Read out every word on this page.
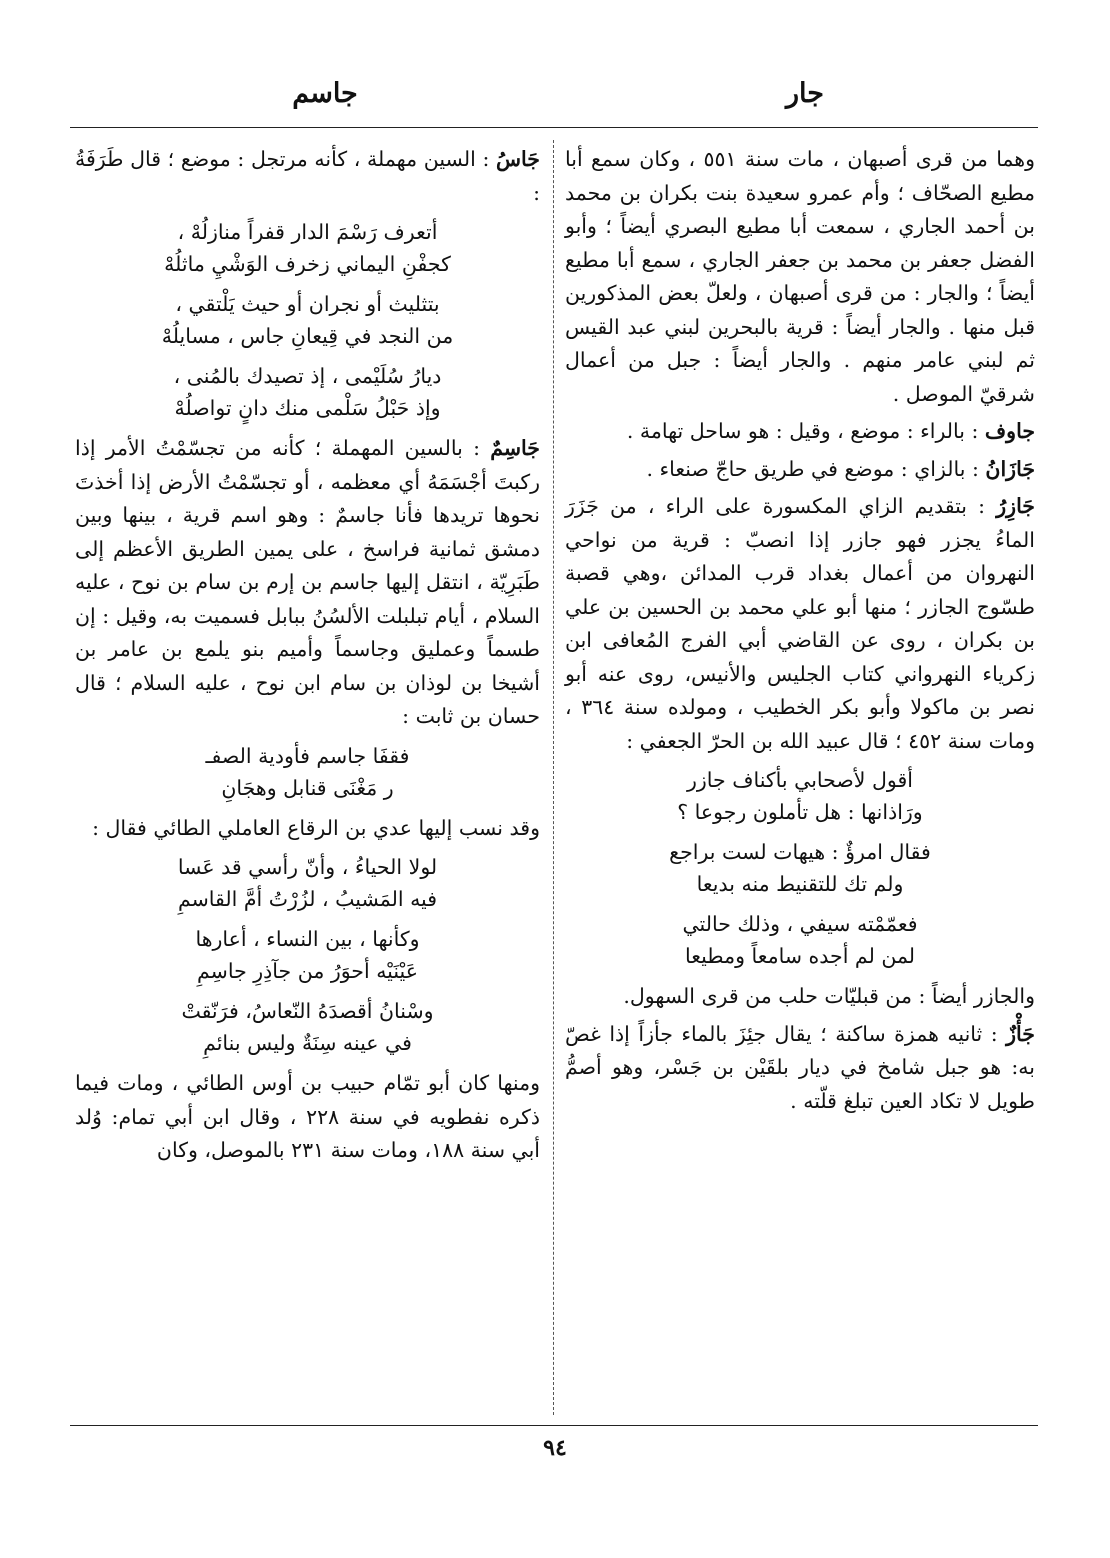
جار
جاسم

وهما من قرى أصبهان ، مات سنة ٥٥١ ، وكان سمع أبا مطيع الصحّاف ؛ وأم عمرو سعيدة بنت بكران بن محمد بن أحمد الجاري ، سمعت أبا مطيع البصري أيضاً ؛ وأبو الفضل جعفر بن محمد بن جعفر الجاري ، سمع أبا مطيع أيضاً ؛ والجار : من قرى أصبهان ، ولعلّ بعض المذكورين قبل منها . والجار أيضاً : قرية بالبحرين لبني عبد القيس ثم لبني عامر منهم . والجار أيضاً : جبل من أعمال شرقيّ الموصل .

جاوف : بالراء : موضع ، وقيل : هو ساحل تهامة .

جَازَانُ : بالزاي : موضع في طريق حاجّ صنعاء .

جَازِرُ : بتقديم الزاي المكسورة على الراء ، من جَزَرَ الماءُ يجزر فهو جازر إذا انصبّ : قرية من نواحي النهروان من أعمال بغداد قرب المدائن ،وهي قصبة طسّوج الجازر ؛ منها أبو علي محمد بن الحسين بن علي بن بكران ، روى عن القاضي أبي الفرج المُعافى ابن زكرياء النهرواني كتاب الجليس والأنيس، روى عنه أبو نصر بن ماكولا وأبو بكر الخطيب ، ومولده سنة ٣٦٤ ، ومات سنة ٤٥٢ ؛ قال عبيد الله بن الحرّ الجعفي :

أقول لأصحابي بأكناف جازر
ورَاذانها : هل تأملون رجوعا ؟
فقال امرؤٌ : هيهات لست براجع
ولم تك للتقنيط منه بديعا
فعمّمْته سيفي ، وذلك حالتي
لمن لم أجده سامعاً ومطيعا

والجازر أيضاً : من قبليّات حلب من قرى السهول.

جَأْزٌ : ثانيه همزة ساكنة ؛ يقال جئِزَ بالماء جأزاً إذا غصّ به: هو جبل شامخ في ديار بلقَيْن بن جَسْر، وهو أصمُّ طويل لا تكاد العين تبلغ قلّته .

جَاسُ : السين مهملة ، كأنه مرتجل : موضع ؛ قال طَرَفَةُ :

أتعرف رَسْمَ الدار قفراً منازلُهْ ،
كجفْنِ اليماني زخرف الوَشْيِ ماثلُهْ
بتثليث أو نجران أو حيث يَلْتقي ،
من النجد في قِيعانِ جاس ، مسايلُهْ
ديارُ سُلَيْمى ، إذ تصيدك بالمُنى ،
وإذ حَبْلُ سَلْمى منك دانٍ تواصلُهْ

جَاسِمٌ : بالسين المهملة ؛ كأنه من تجسّمْتُ الأمر إذا ركبتَ أجْسَمَهُ أي معظمه ، أو تجسّمْتُ الأرض إذا أخذتَ نحوها تريدها فأنا جاسمٌ : وهو اسم قرية ، بينها وبين دمشق ثمانية فراسخ ، على يمين الطريق الأعظم إلى طَبَرِيّة ، انتقل إليها جاسم بن إرم بن سام بن نوح ، عليه السلام ، أيام تبلبلت الألسُنُ ببابل فسميت به، وقيل : إن طسماً وعمليق وجاسماً وأميم بنو يلمع بن عامر بن أشيخا بن لوذان بن سام ابن نوح ، عليه السلام ؛ قال حسان بن ثابت :

فقفَا جاسم فأودية الصفـ
ر مَغْنَى قنابل وهجَانِ

وقد نسب إليها عدي بن الرقاع العاملي الطائي فقال :

لولا الحياءُ ، وأنّ رأسي قد عَسا
فيه المَشيبُ ، لزُرْتُ أمَّ القاسمِ
وكأنها ، بين النساء ، أعارها
عَيْنَيْه أحوَرُ من جآذِرِ جاسِمِ
وسْنانُ أقصدَهُ النّعاسُ، فرَنّقتْ
في عينه سِنَةٌ وليس بنائمِ

ومنها كان أبو تمّام حبيب بن أوس الطائي ، ومات فيما ذكره نفطويه في سنة ٢٢٨ ، وقال ابن أبي تمام: وُلد أبي سنة ١٨٨، ومات سنة ٢٣١ بالموصل، وكان

٩٤
